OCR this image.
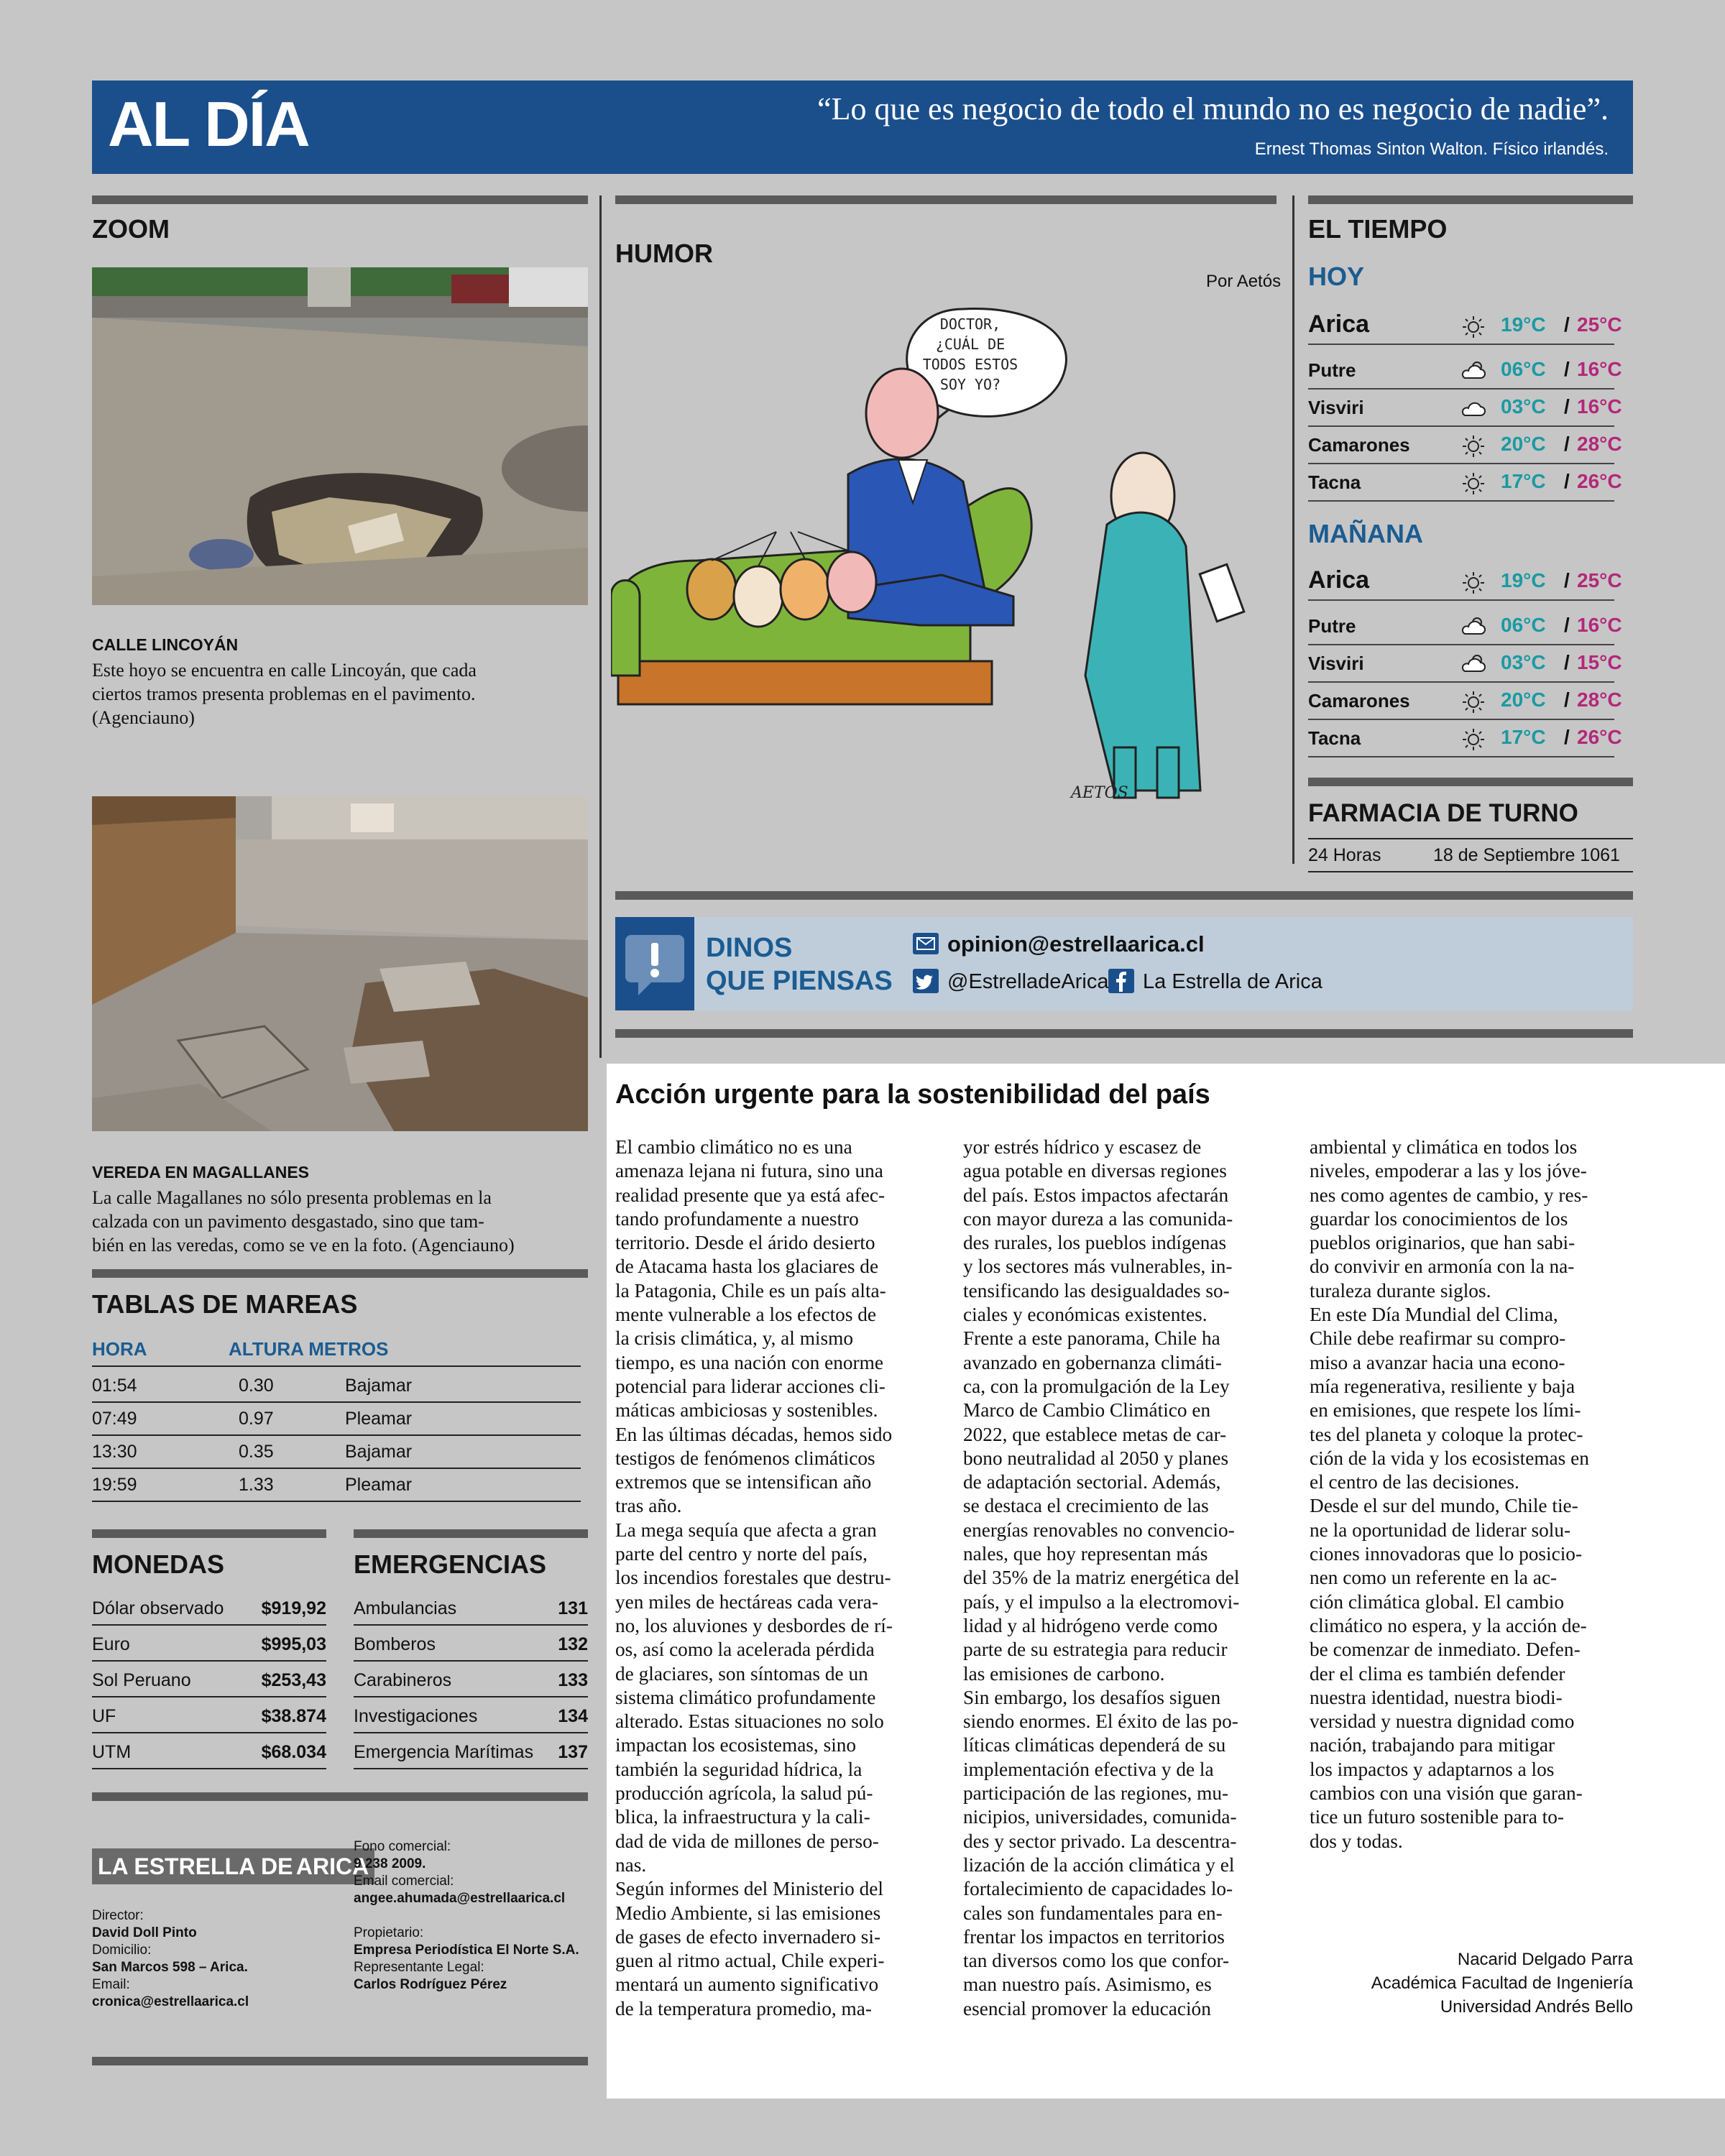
AL DÍA	“Lo que es negocio de todo el mundo no es negocio de nadie”.
Ernest Thomas Sinton Walton. Físico irlandés.
ZOOM
CALLE LINCOYÁN
Este hoyo se encuentra en calle Lincoyán, que cada
ciertos tramos presenta problemas en el pavimento.
(Agenciauno)
VEREDA EN MAGALLANES
La calle Magallanes no sólo presenta problemas en la
calzada con un pavimento desgastado, sino que tam-
bién en las veredas, como se ve en la foto. (Agenciauno)
TABLAS DE MAREAS
HORA	ALTURA METROS
01:54	0.30	Bajamar
07:49	0.97	Pleamar
13:30	0.35	Bajamar
19:59	1.33	Pleamar
MONEDAS
Dólar observado $919,92
Euro	$995,03
Sol Peruano	$253,43
UF	$38.874
UTM	$68.034
EMERGENCIAS
Ambulancias	131
Bomberos	132
Carabineros	133
Investigaciones	134
Emergencia Marítimas 137
LA ESTRELLA DE ARICA
Director:
David Doll Pinto
Domicilio:
San Marcos 598 – Arica.
Email:
cronica@estrellaarica.cl
Fono comercial:
9 238 2009.
Email comercial:
angee.ahumada@estrellaarica.cl
Propietario:
Empresa Periodística El Norte S.A.
Representante Legal:
Carlos Rodríguez Pérez
HUMOR
Por Aetós
DOCTOR,
¿CUÁL DE
TODOS ESTOS
SOY YO?
AETOS
EL TIEMPO
HOY
Arica	19°C / 25°C
Putre	06°C / 16°C
Visviri	03°C / 16°C
Camarones	20°C / 28°C
Tacna	17°C / 26°C
MAÑANA
Arica	19°C / 25°C
Putre	06°C / 16°C
Visviri	03°C / 15°C
Camarones	20°C / 28°C
Tacna	17°C / 26°C
FARMACIA DE TURNO
24 Horas	18 de Septiembre 1061
DINOS
QUE PIENSAS
opinion@estrellaarica.cl
@EstrelladeArica La Estrella de Arica
Acción urgente para la sostenibilidad del país

El cambio climático no es una

amenaza lejana ni futura, sino una

realidad presente que ya está afec-

tando profundamente a nuestro

territorio. Desde el árido desierto

de Atacama hasta los glaciares de

la Patagonia, Chile es un país alta-

mente vulnerable a los efectos de

la crisis climática, y, al mismo

tiempo, es una nación con enorme

potencial para liderar acciones cli-

máticas ambiciosas y sostenibles.

En las últimas décadas, hemos sido

testigos de fenómenos climáticos

extremos que se intensifican año

tras año.

La mega sequía que afecta a gran

parte del centro y norte del país,

los incendios forestales que destru-

yen miles de hectáreas cada vera-

no, los aluviones y desbordes de rí-

os, así como la acelerada pérdida

de glaciares, son síntomas de un

sistema climático profundamente

alterado. Estas situaciones no solo

impactan los ecosistemas, sino

también la seguridad hídrica, la

producción agrícola, la salud pú-

blica, la infraestructura y la cali-

dad de vida de millones de perso-

nas.

Según informes del Ministerio del

Medio Ambiente, si las emisiones

de gases de efecto invernadero si-

guen al ritmo actual, Chile experi-

mentará un aumento significativo

de la temperatura promedio, ma-

yor estrés hídrico y escasez de

agua potable en diversas regiones

del país. Estos impactos afectarán

con mayor dureza a las comunida-

des rurales, los pueblos indígenas

y los sectores más vulnerables, in-

tensificando las desigualdades so-

ciales y económicas existentes.

Frente a este panorama, Chile ha

avanzado en gobernanza climáti-

ca, con la promulgación de la Ley

Marco de Cambio Climático en

2022, que establece metas de car-

bono neutralidad al 2050 y planes

de adaptación sectorial. Además,

se destaca el crecimiento de las

energías renovables no convencio-

nales, que hoy representan más

del 35% de la matriz energética del

país, y el impulso a la electromovi-

lidad y al hidrógeno verde como

parte de su estrategia para reducir

las emisiones de carbono.

Sin embargo, los desafíos siguen

siendo enormes. El éxito de las po-

líticas climáticas dependerá de su

implementación efectiva y de la

participación de las regiones, mu-

nicipios, universidades, comunida-

des y sector privado. La descentra-

lización de la acción climática y el

fortalecimiento de capacidades lo-

cales son fundamentales para en-

frentar los impactos en territorios

tan diversos como los que confor-

man nuestro país. Asimismo, es

esencial promover la educación

ambiental y climática en todos los

niveles, empoderar a las y los jóve-

nes como agentes de cambio, y res-

guardar los conocimientos de los

pueblos originarios, que han sabi-

do convivir en armonía con la na-

turaleza durante siglos.

En este Día Mundial del Clima,

Chile debe reafirmar su compro-

miso a avanzar hacia una econo-

mía regenerativa, resiliente y baja

en emisiones, que respete los lími-

tes del planeta y coloque la protec-

ción de la vida y los ecosistemas en

el centro de las decisiones.

Desde el sur del mundo, Chile tie-

ne la oportunidad de liderar solu-

ciones innovadoras que lo posicio-

nen como un referente en la ac-

ción climática global. El cambio

climático no espera, y la acción de-

be comenzar de inmediato. Defen-

der el clima es también defender

nuestra identidad, nuestra biodi-

versidad y nuestra dignidad como

nación, trabajando para mitigar

los impactos y adaptarnos a los

cambios con una visión que garan-

tice un futuro sostenible para to-

dos y todas.

Nacarid Delgado Parra
Académica Facultad de Ingeniería
Universidad Andrés Bello
